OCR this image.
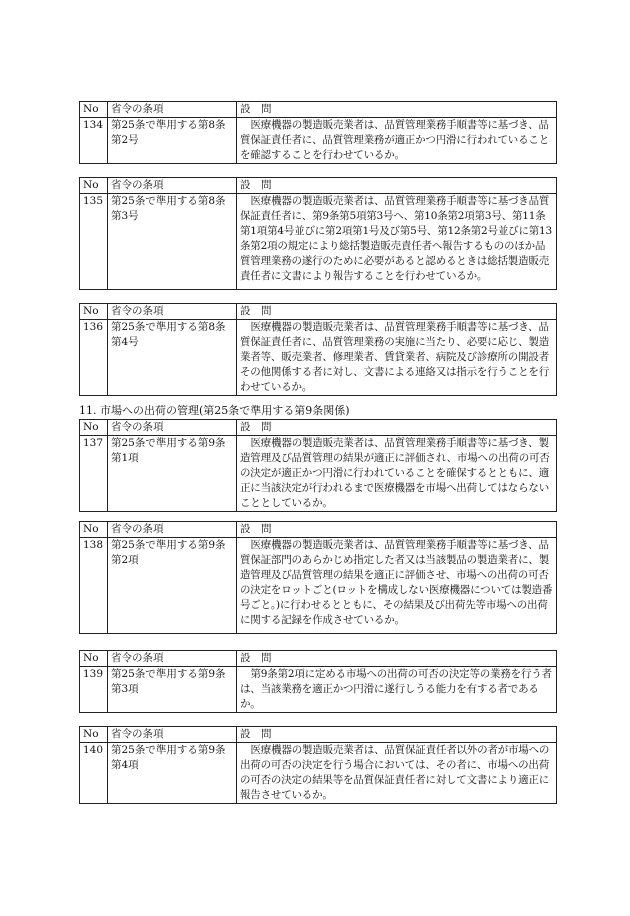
No	省令の条項	設　問
134	第25条で準用する第8条第2号	医療機器の製造販売業者は、品質管理業務手順書等に基づき、品質保証責任者に、品質管理業務が適正かつ円滑に行われていることを確認することを行わせているか。
No	省令の条項	設　問
135	第25条で準用する第8条第3号	医療機器の製造販売業者は、品質管理業務手順書等に基づき品質保証責任者に、第9条第5項第3号へ、第10条第2項第3号、第11条第1項第4号並びに第2項第1号及び第5号、第12条第2号並びに第13条第2項の規定により総括製造販売責任者へ報告するもののほか品質管理業務の遂行のために必要があると認めるときは総括製造販売責任者に文書により報告することを行わせているか。
No	省令の条項	設　問
136	第25条で準用する第8条第4号	医療機器の製造販売業者は、品質管理業務手順書等に基づき、品質保証責任者に、品質管理業務の実施に当たり、必要に応じ、製造業者等、販売業者、修理業者、賃貸業者、病院及び診療所の開設者その他関係する者に対し、文書による連絡又は指示を行うことを行わせているか。
11. 市場への出荷の管理(第25条で準用する第9条関係)
No	省令の条項	設　問
137	第25条で準用する第9条第1項	医療機器の製造販売業者は、品質管理業務手順書等に基づき、製造管理及び品質管理の結果が適正に評価され、市場への出荷の可否の決定が適正かつ円滑に行われていることを確保するとともに、適正に当該決定が行われるまで医療機器を市場へ出荷してはならないこととしているか。
No	省令の条項	設　問
138	第25条で準用する第9条第2項	医療機器の製造販売業者は、品質管理業務手順書等に基づき、品質保証部門のあらかじめ指定した者又は当該製品の製造業者に、製造管理及び品質管理の結果を適正に評価させ、市場への出荷の可否の決定をロットごと(ロットを構成しない医療機器については製造番号ごと。)に行わせるとともに、その結果及び出荷先等市場への出荷に関する記録を作成させているか。
No	省令の条項	設　問
139	第25条で準用する第9条第3項	第9条第2項に定める市場への出荷の可否の決定等の業務を行う者は、当該業務を適正かつ円滑に遂行しうる能力を有する者であるか。
No	省令の条項	設　問
140	第25条で準用する第9条第4項	医療機器の製造販売業者は、品質保証責任者以外の者が市場への出荷の可否の決定を行う場合においては、その者に、市場への出荷の可否の決定の結果等を品質保証責任者に対して文書により適正に報告させているか。
